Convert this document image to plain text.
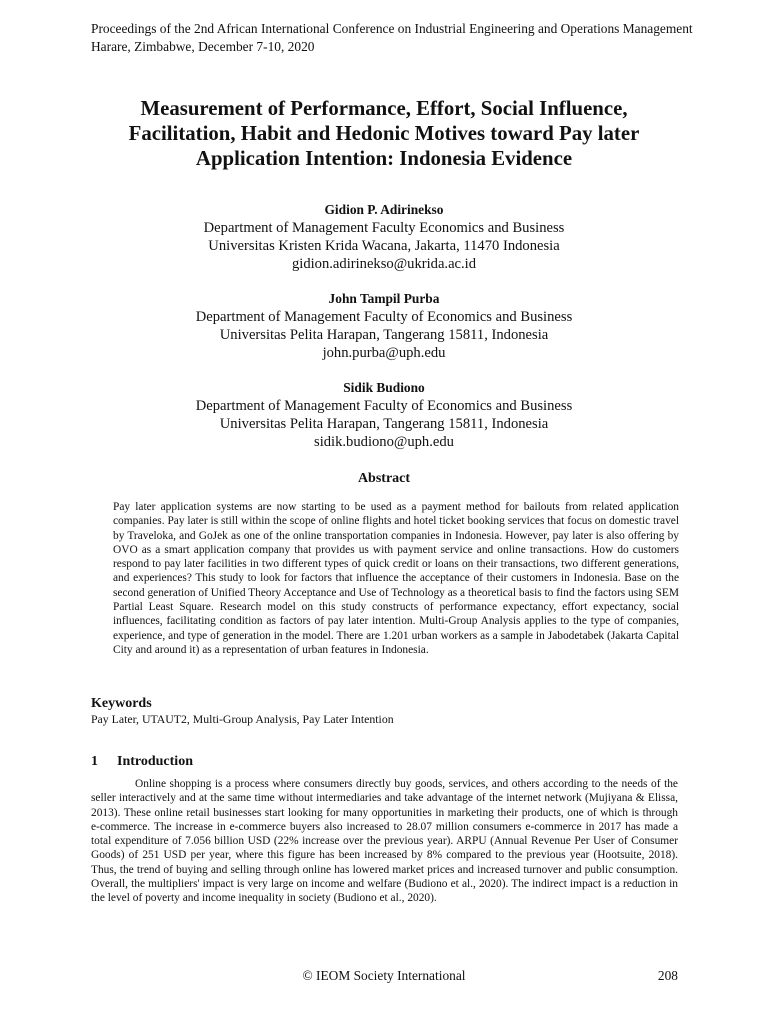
Proceedings of the 2nd African International Conference on Industrial Engineering and Operations Management
Harare, Zimbabwe, December 7-10, 2020
Measurement of Performance, Effort, Social Influence,
Facilitation, Habit and Hedonic Motives toward Pay later
Application Intention: Indonesia Evidence
Gidion P. Adirinekso
Department of Management Faculty Economics and Business
Universitas Kristen Krida Wacana, Jakarta, 11470 Indonesia
gidion.adirinekso@ukrida.ac.id
John Tampil Purba
Department of Management Faculty of Economics and Business
Universitas Pelita Harapan, Tangerang 15811, Indonesia
john.purba@uph.edu
Sidik Budiono
Department of Management Faculty of Economics and Business
Universitas Pelita Harapan, Tangerang 15811, Indonesia
sidik.budiono@uph.edu
Abstract
Pay later application systems are now starting to be used as a payment method for bailouts from related application companies. Pay later is still within the scope of online flights and hotel ticket booking services that focus on domestic travel by Traveloka, and GoJek as one of the online transportation companies in Indonesia. However, pay later is also offering by OVO as a smart application company that provides us with payment service and online transactions. How do customers respond to pay later facilities in two different types of quick credit or loans on their transactions, two different generations, and experiences? This study to look for factors that influence the acceptance of their customers in Indonesia. Base on the second generation of Unified Theory Acceptance and Use of Technology as a theoretical basis to find the factors using SEM Partial Least Square. Research model on this study constructs of performance expectancy, effort expectancy, social influences, facilitating condition as factors of pay later intention. Multi-Group Analysis applies to the type of companies, experience, and type of generation in the model. There are 1.201 urban workers as a sample in Jabodetabek (Jakarta Capital City and around it) as a representation of urban features in Indonesia.
Keywords
Pay Later, UTAUT2, Multi-Group Analysis, Pay Later Intention
1 Introduction
Online shopping is a process where consumers directly buy goods, services, and others according to the needs of the seller interactively and at the same time without intermediaries and take advantage of the internet network (Mujiyana & Elissa, 2013). These online retail businesses start looking for many opportunities in marketing their products, one of which is through e-commerce. The increase in e-commerce buyers also increased to 28.07 million consumers e-commerce in 2017 has made a total expenditure of 7.056 billion USD (22% increase over the previous year). ARPU (Annual Revenue Per User of Consumer Goods) of 251 USD per year, where this figure has been increased by 8% compared to the previous year (Hootsuite, 2018). Thus, the trend of buying and selling through online has lowered market prices and increased turnover and public consumption. Overall, the multipliers' impact is very large on income and welfare (Budiono et al., 2020). The indirect impact is a reduction in the level of poverty and income inequality in society (Budiono et al., 2020).
© IEOM Society International	208
